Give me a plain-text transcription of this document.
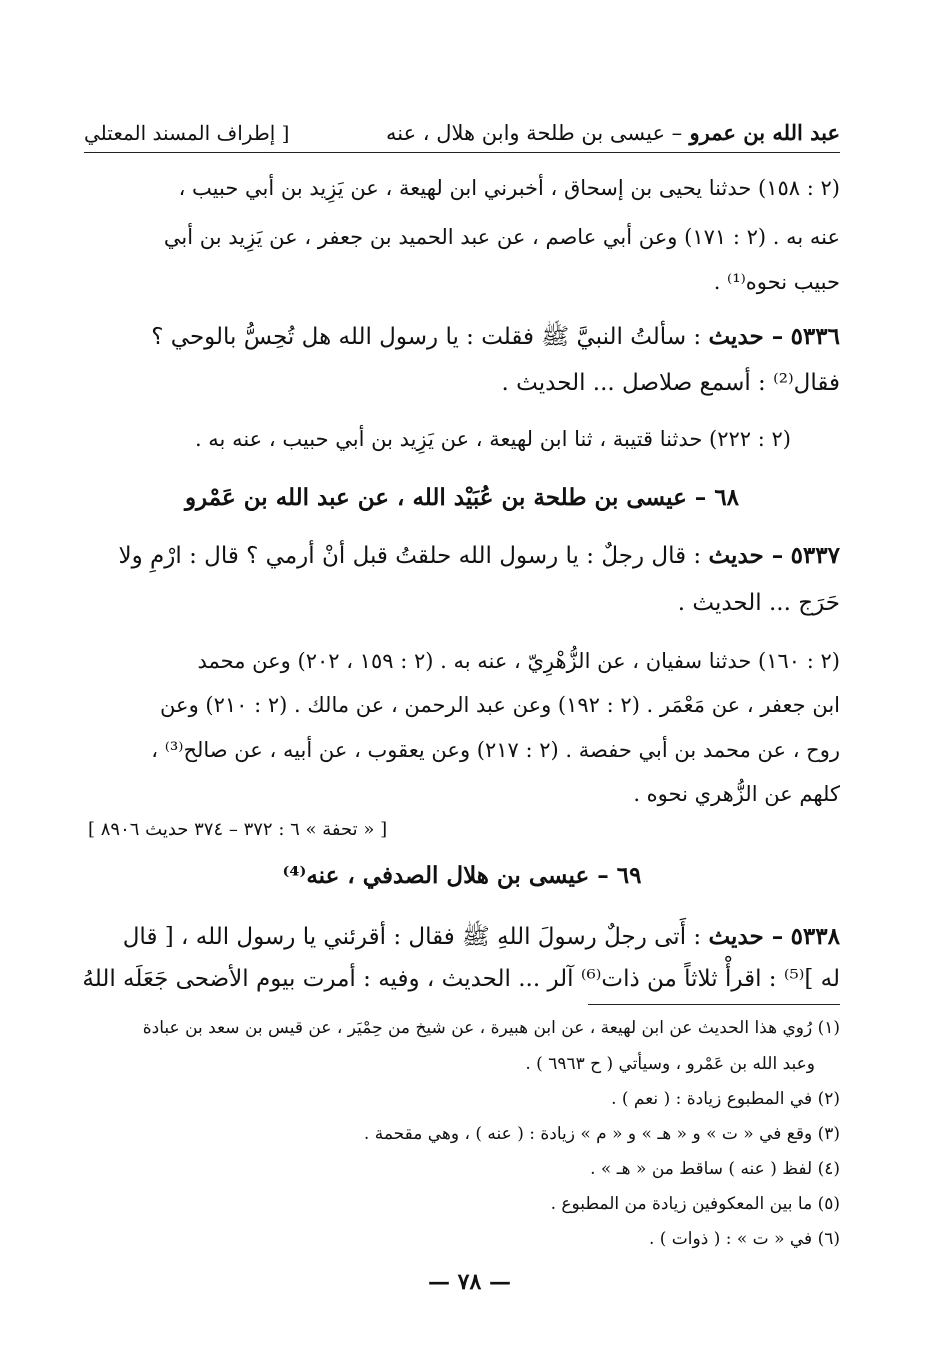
عبد الله بن عمرو – عيسى بن طلحة وابن هلال ، عنه
[ إطراف المسند المعتلي
(٢ : ١٥٨) حدثنا يحيى بن إسحاق ، أخبرني ابن لهيعة ، عن يَزِيد بن أبي حبيب ،
عنه به . (٢ : ١٧١) وعن أبي عاصم ، عن عبد الحميد بن جعفر ، عن يَزِيد بن أبي
حبيب نحوه⁽¹⁾ .
٥٣٣٦ – حديث : سألتُ النبيَّ ﷺ فقلت : يا رسول الله هل تُحِسُّ بالوحي ؟
فقال⁽²⁾ : أسمع صلاصل ... الحديث .
(٢ : ٢٢٢) حدثنا قتيبة ، ثنا ابن لهيعة ، عن يَزِيد بن أبي حبيب ، عنه به .
٦٨ – عيسى بن طلحة بن عُبَيْد الله ، عن عبد الله بن عَمْرو
٥٣٣٧ – حديث : قال رجلٌ : يا رسول الله حلقتُ قبل أنْ أرمي ؟ قال : ارْمِ ولا
حَرَج ... الحديث .
(٢ : ١٦٠) حدثنا سفيان ، عن الزُّهْرِيّ ، عنه به . (٢ : ١٥٩ ، ٢٠٢) وعن محمد
ابن جعفر ، عن مَعْمَر . (٢ : ١٩٢) وعن عبد الرحمن ، عن مالك . (٢ : ٢١٠) وعن
روح ، عن محمد بن أبي حفصة . (٢ : ٢١٧) وعن يعقوب ، عن أبيه ، عن صالح⁽³⁾ ،
كلهم عن الزُّهري نحوه .
[ « تحفة » ٦ : ٣٧٢ – ٣٧٤ حديث ٨٩٠٦ ]
٦٩ – عيسى بن هلال الصدفي ، عنه⁽⁴⁾
٥٣٣٨ – حديث : أَتى رجلٌ رسولَ اللهِ ﷺ فقال : أقرئني يا رسول الله ، [ قال
له ]⁽⁵⁾ : اقرأْ ثلاثاً من ذات⁽⁶⁾ آلر ... الحديث ، وفيه : أمرت بيوم الأضحى جَعَلَه اللهُ
(١) رُوي هذا الحديث عن ابن لهيعة ، عن ابن هبيرة ، عن شيخ من حِمْيَر ، عن قيس بن سعد بن عبادة
وعبد الله بن عَمْرو ، وسيأتي ( ح ٦٩٦٣ ) .
(٢) في المطبوع زيادة : ( نعم ) .
(٣) وقع في « ت » و « هـ » و « م » زيادة : ( عنه ) ، وهي مقحمة .
(٤) لفظ ( عنه ) ساقط من « هـ » .
(٥) ما بين المعكوفين زيادة من المطبوع .
(٦) في « ت » : ( ذوات ) .
— ٧٨ —
